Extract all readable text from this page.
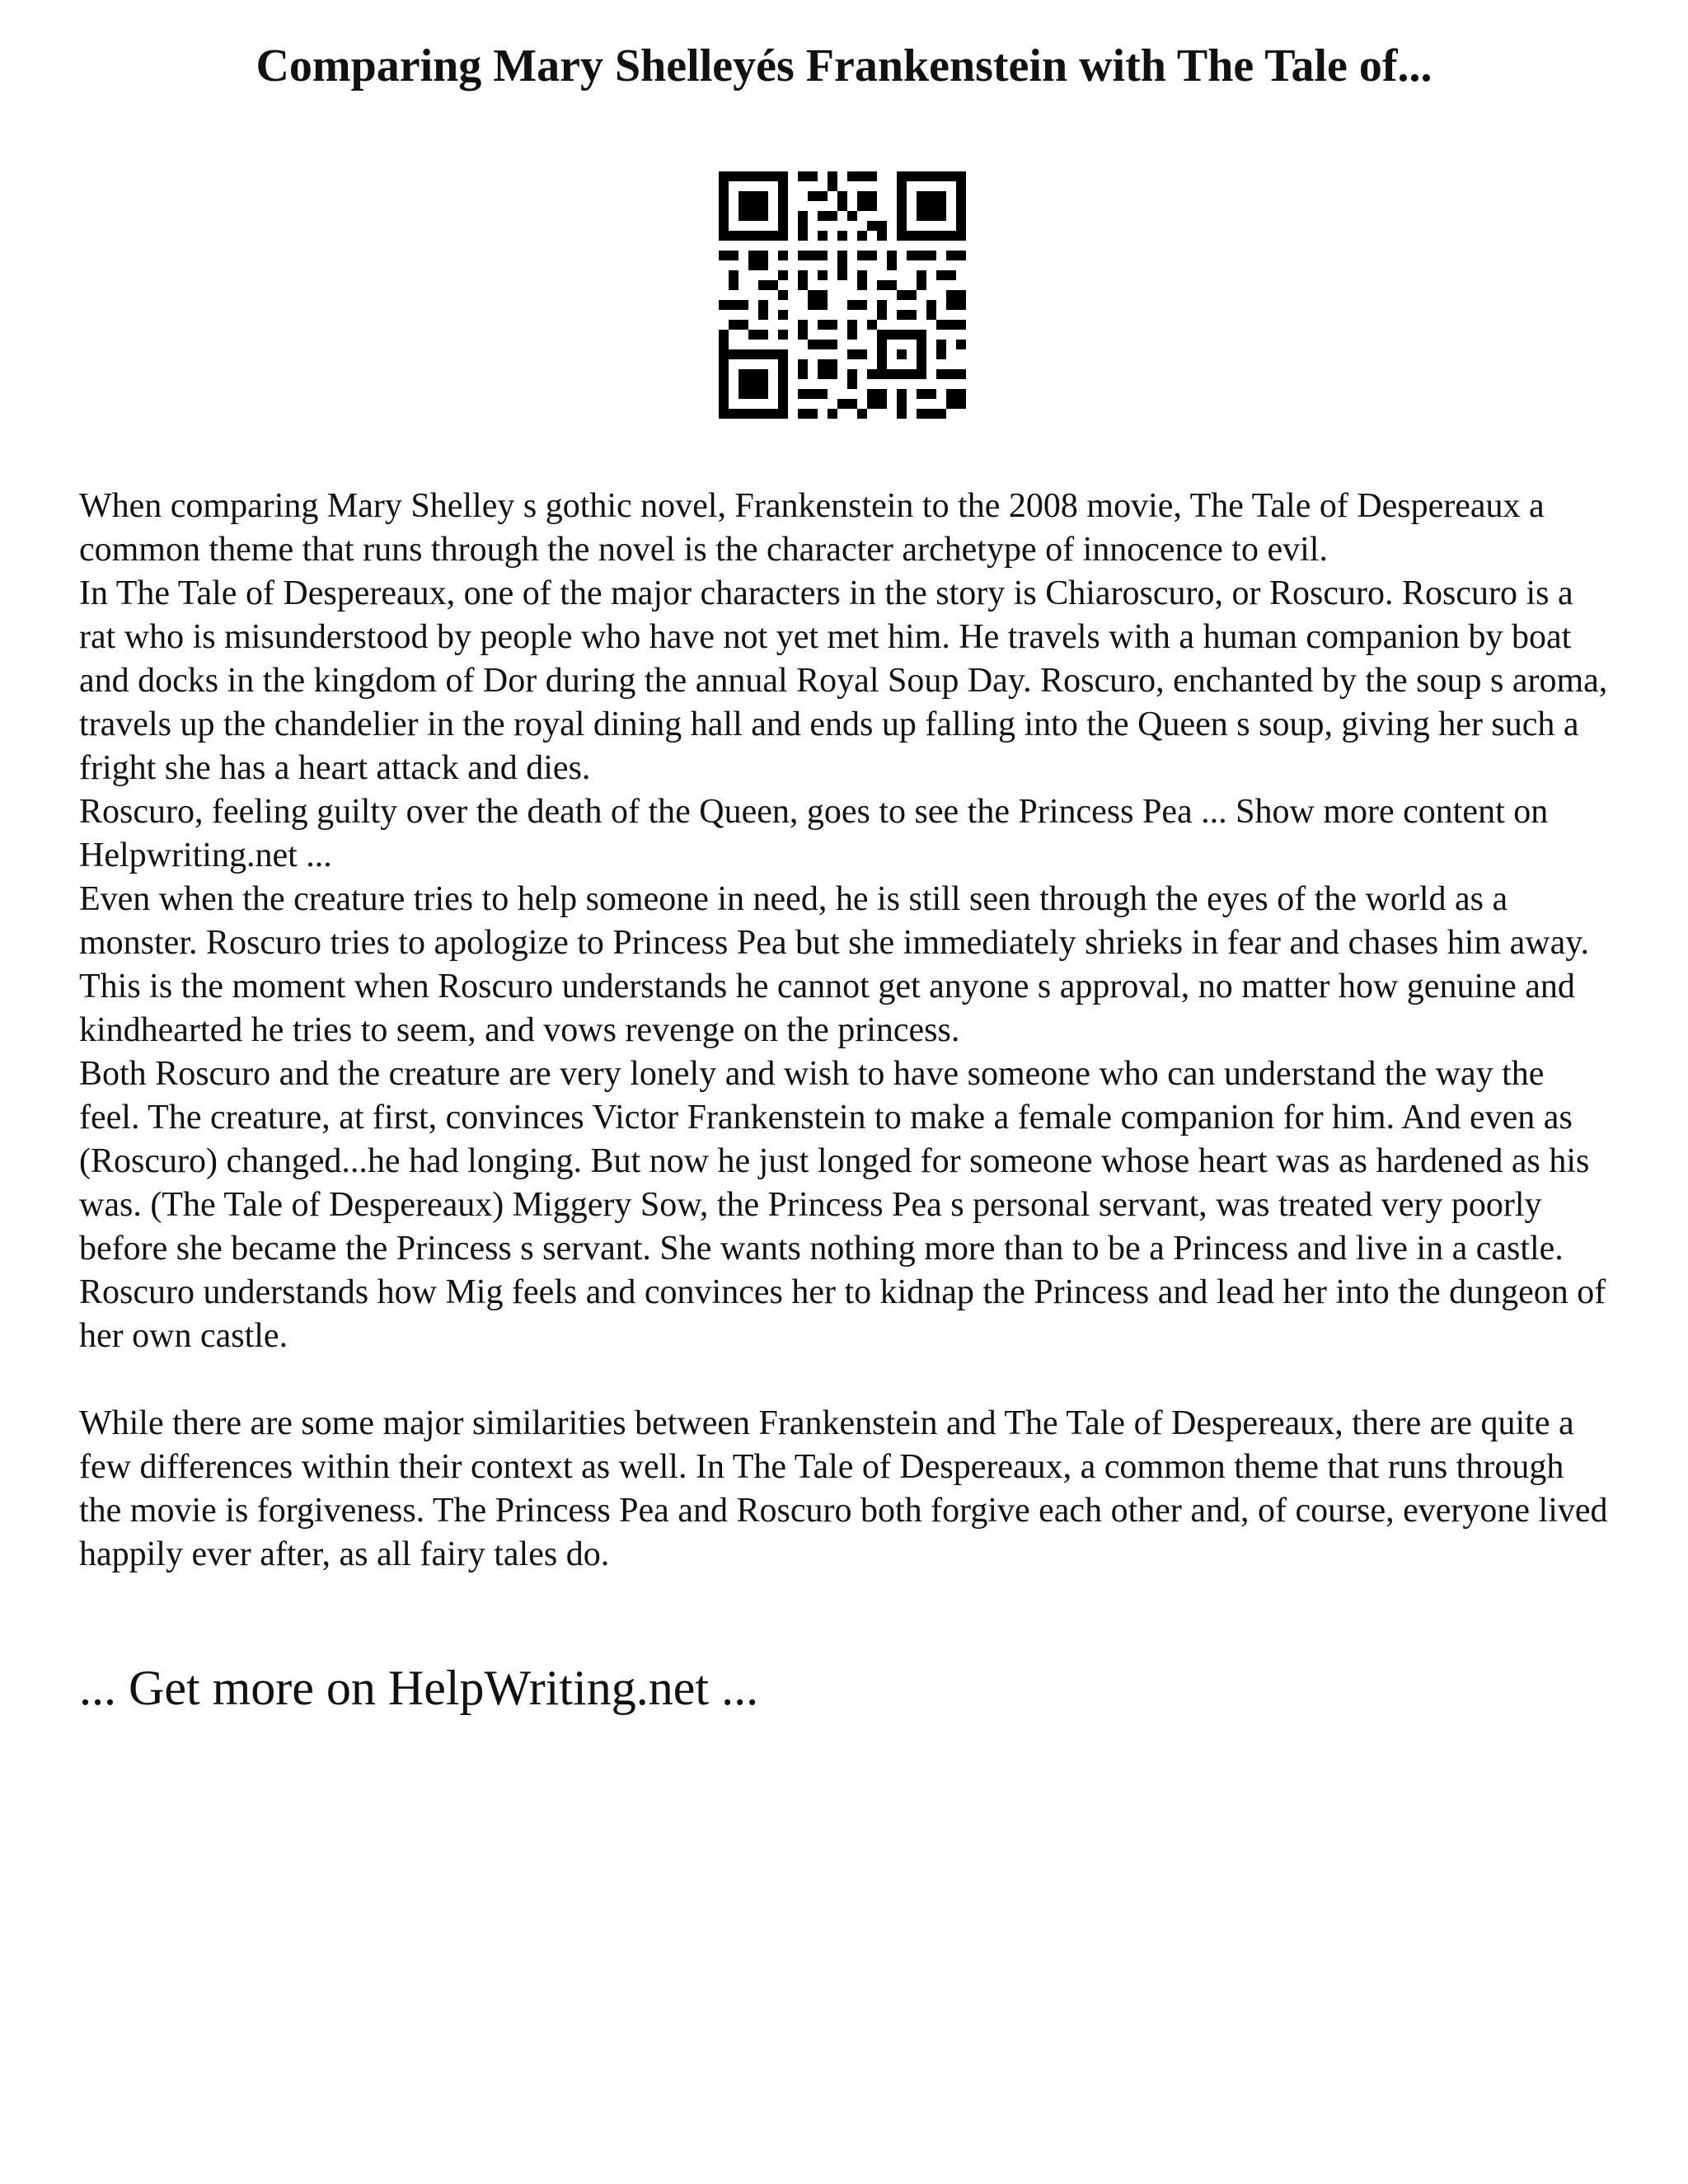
Comparing Mary Shelleyés Frankenstein with The Tale of...

When comparing Mary Shelley s gothic novel, Frankenstein to the 2008 movie, The Tale of Despereaux a common theme that runs through the novel is the character archetype of innocence to evil.

In The Tale of Despereaux, one of the major characters in the story is Chiaroscuro, or Roscuro. Roscuro is a rat who is misunderstood by people who have not yet met him. He travels with a human companion by boat and docks in the kingdom of Dor during the annual Royal Soup Day. Roscuro, enchanted by the soup s aroma, travels up the chandelier in the royal dining hall and ends up falling into the Queen s soup, giving her such a fright she has a heart attack and dies.

Roscuro, feeling guilty over the death of the Queen, goes to see the Princess Pea ... Show more content on Helpwriting.net ...

Even when the creature tries to help someone in need, he is still seen through the eyes of the world as a monster. Roscuro tries to apologize to Princess Pea but she immediately shrieks in fear and chases him away. This is the moment when Roscuro understands he cannot get anyone s approval, no matter how genuine and kindhearted he tries to seem, and vows revenge on the princess.

Both Roscuro and the creature are very lonely and wish to have someone who can understand the way the feel. The creature, at first, convinces Victor Frankenstein to make a female companion for him. And even as (Roscuro) changed...he had longing. But now he just longed for someone whose heart was as hardened as his was. (The Tale of Despereaux) Miggery Sow, the Princess Pea s personal servant, was treated very poorly before she became the Princess s servant. She wants nothing more than to be a Princess and live in a castle. Roscuro understands how Mig feels and convinces her to kidnap the Princess and lead her into the dungeon of her own castle.

While there are some major similarities between Frankenstein and The Tale of Despereaux, there are quite a few differences within their context as well. In The Tale of Despereaux, a common theme that runs through the movie is forgiveness. The Princess Pea and Roscuro both forgive each other and, of course, everyone lived happily ever after, as all fairy tales do.

... Get more on HelpWriting.net ...
